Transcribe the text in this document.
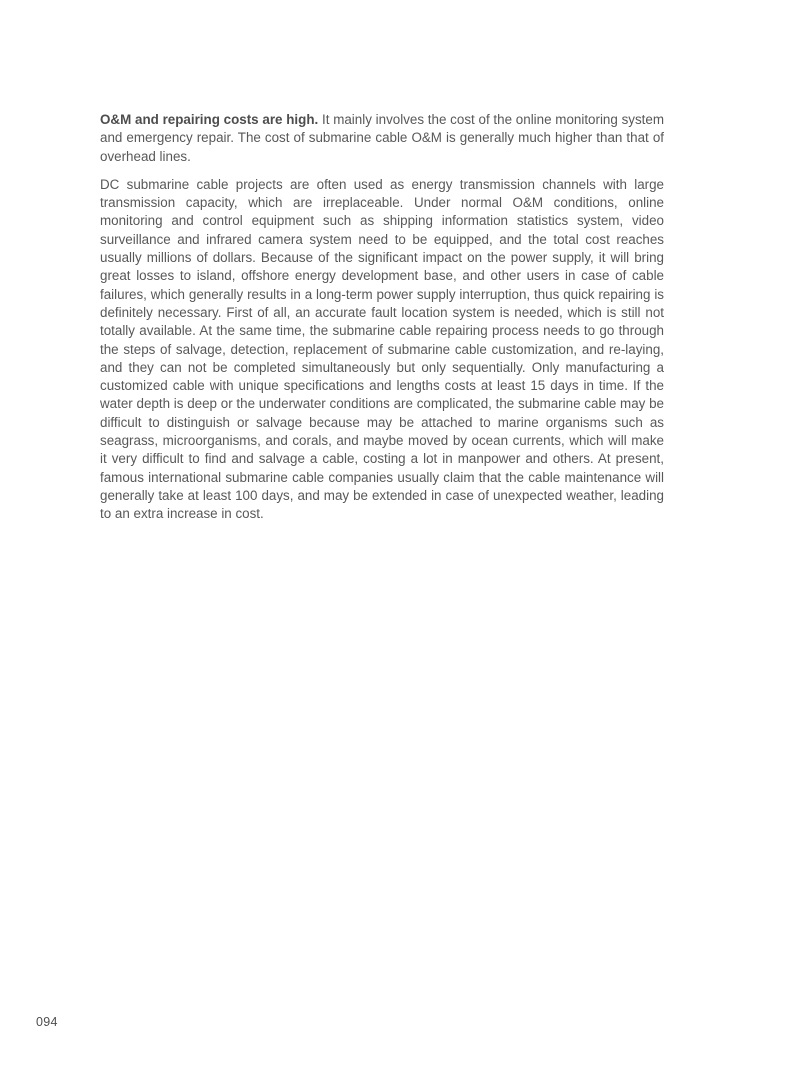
O&M and repairing costs are high. It mainly involves the cost of the online monitoring system and emergency repair. The cost of submarine cable O&M is generally much higher than that of overhead lines.

DC submarine cable projects are often used as energy transmission channels with large transmission capacity, which are irreplaceable. Under normal O&M conditions, online monitoring and control equipment such as shipping information statistics system, video surveillance and infrared camera system need to be equipped, and the total cost reaches usually millions of dollars. Because of the significant impact on the power supply, it will bring great losses to island, offshore energy development base, and other users in case of cable failures, which generally results in a long-term power supply interruption, thus quick repairing is definitely necessary. First of all, an accurate fault location system is needed, which is still not totally available. At the same time, the submarine cable repairing process needs to go through the steps of salvage, detection, replacement of submarine cable customization, and re-laying, and they can not be completed simultaneously but only sequentially. Only manufacturing a customized cable with unique specifications and lengths costs at least 15 days in time. If the water depth is deep or the underwater conditions are complicated, the submarine cable may be difficult to distinguish or salvage because may be attached to marine organisms such as seagrass, microorganisms, and corals, and maybe moved by ocean currents, which will make it very difficult to find and salvage a cable, costing a lot in manpower and others. At present, famous international submarine cable companies usually claim that the cable maintenance will generally take at least 100 days, and may be extended in case of unexpected weather, leading to an extra increase in cost.

094
